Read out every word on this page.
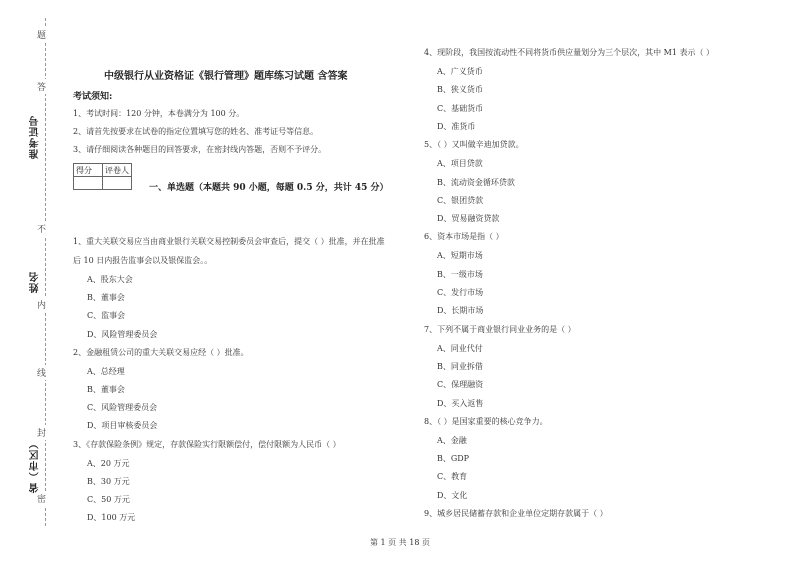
题
答
不
内
线
封
密
准考证号
姓名
省（市区）
中级银行从业资格证《银行管理》题库练习试题 含答案
考试须知:
1、考试时间：120 分钟，本卷满分为 100 分。
2、请首先按要求在试卷的指定位置填写您的姓名、准考证号等信息。
3、请仔细阅读各种题目的回答要求，在密封线内答题，否则不予评分。
得分	评卷人

一、单选题（本题共 90 小题，每题 0.5 分，共计 45 分）
1、重大关联交易应当由商业银行关联交易控制委员会审查后，提交（ ）批准，并在批准
后 10 日内报告监事会以及银保监会。。
A、股东大会
B、董事会
C、监事会
D、风险管理委员会
2、金融租赁公司的重大关联交易应经（ ）批准。
A、总经理
B、董事会
C、风险管理委员会
D、项目审核委员会
3、《存款保险条例》规定，存款保险实行限额偿付，偿付限额为人民币（ ）
A、20 万元
B、30 万元
C、50 万元
D、100 万元
4、现阶段，我国按流动性不同将货币供应量划分为三个层次，其中 M1 表示（ ）
A、广义货币
B、狭义货币
C、基础货币
D、准货币
5、（ ）又叫做辛迪加贷款。
A、项目贷款
B、流动资金循环贷款
C、银团贷款
D、贸易融资贷款
6、资本市场是指（ ）
A、短期市场
B、一级市场
C、发行市场
D、长期市场
7、下列不属于商业银行同业业务的是（ ）
A、同业代付
B、同业拆借
C、保理融资
D、买入返售
8、（ ）是国家重要的核心竞争力。
A、金融
B、GDP
C、教育
D、文化
9、城乡居民储蓄存款和企业单位定期存款属于（ ）
第 1 页 共 18 页
